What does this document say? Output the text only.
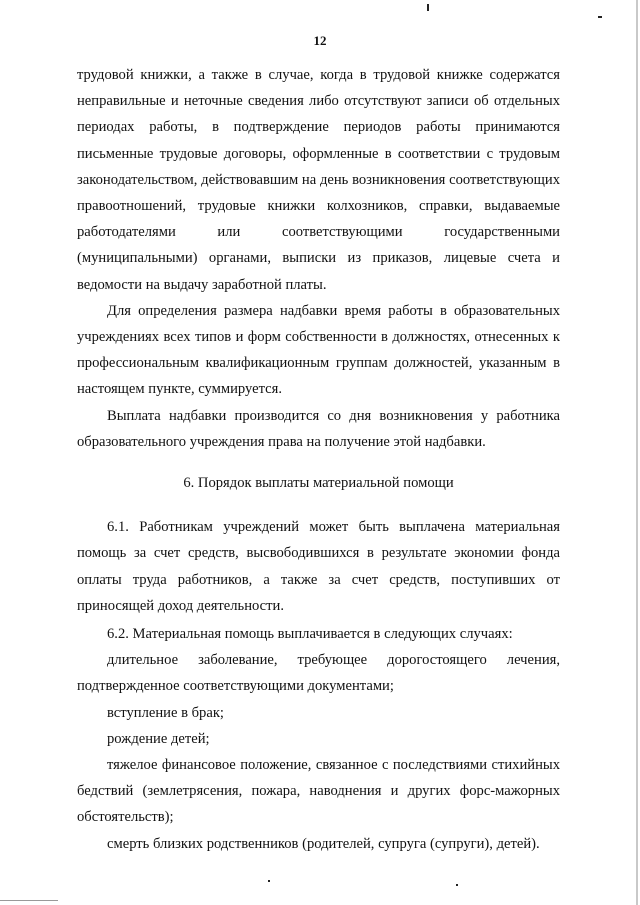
12

трудовой книжки, а также в случае, когда в трудовой книжке содержатся неправильные и неточные сведения либо отсутствуют записи об отдельных периодах работы, в подтверждение периодов работы принимаются письменные трудовые договоры, оформленные в соответствии с трудовым законодательством, действовавшим на день возникновения соответствующих правоотношений, трудовые книжки колхозников, справки, выдаваемые работодателями или соответствующими государственными (муниципальными) органами, выписки из приказов, лицевые счета и ведомости на выдачу заработной платы.

Для определения размера надбавки время работы в образовательных учреждениях всех типов и форм собственности в должностях, отнесенных к профессиональным квалификационным группам должностей, указанным в настоящем пункте, суммируется.

Выплата надбавки производится со дня возникновения у работника образовательного учреждения права на получение этой надбавки.

6. Порядок выплаты материальной помощи

6.1. Работникам учреждений может быть выплачена материальная помощь за счет средств, высвободившихся в результате экономии фонда оплаты труда работников, а также за счет средств, поступивших от приносящей доход деятельности.

6.2. Материальная помощь выплачивается в следующих случаях:

длительное заболевание, требующее дорогостоящего лечения, подтвержденное соответствующими документами;

вступление в брак;

рождение детей;

тяжелое финансовое положение, связанное с последствиями стихийных бедствий (землетрясения, пожара, наводнения и других форс-мажорных обстоятельств);

смерть близких родственников (родителей, супруга (супруги), детей).
